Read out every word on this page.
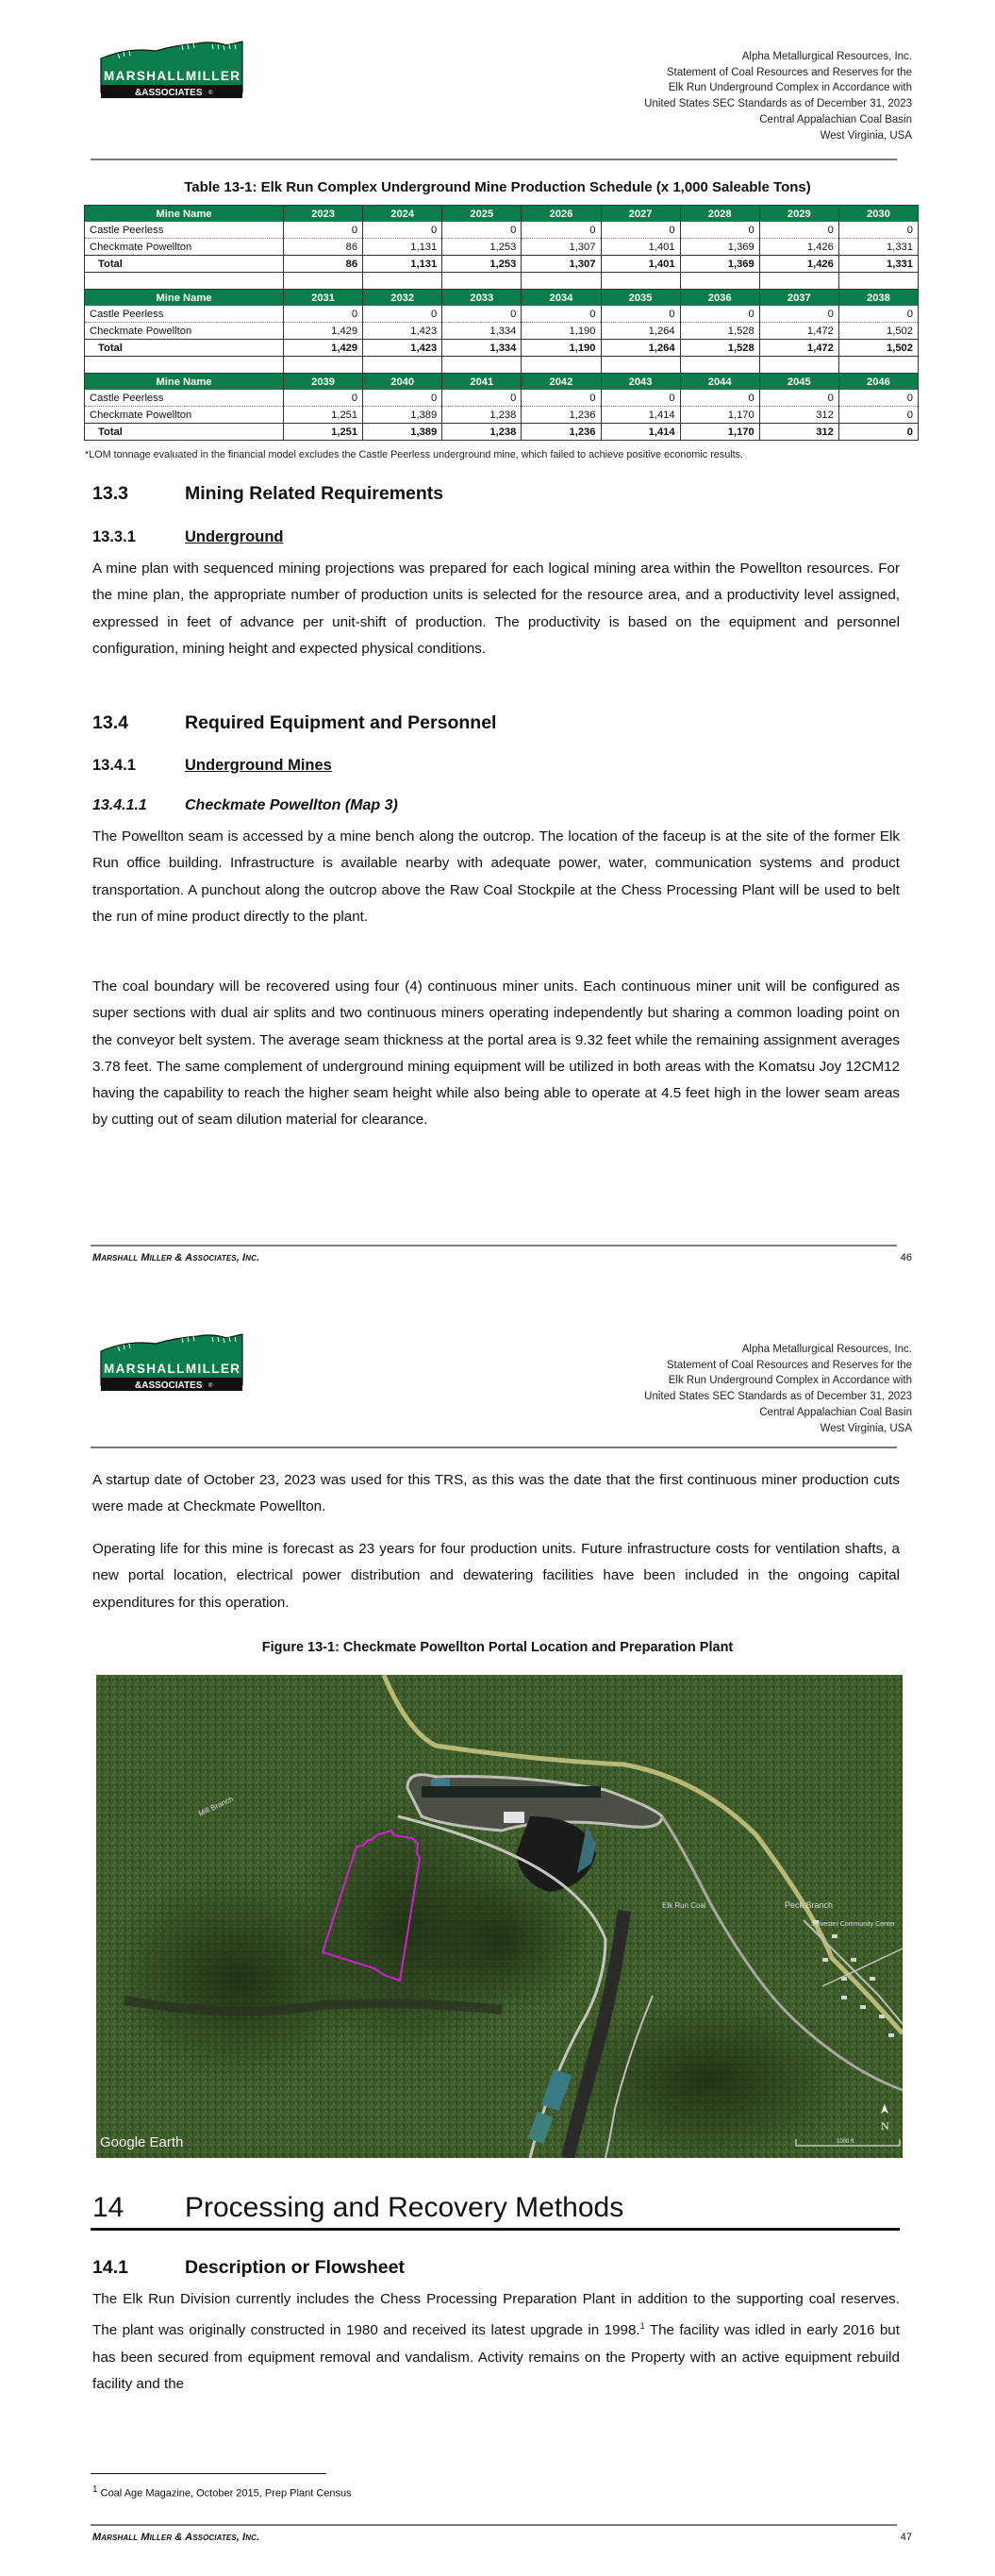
MARSHALLMILLER
&ASSOCIATES ®
Alpha Metallurgical Resources, Inc.
Statement of Coal Resources and Reserves for the
Elk Run Underground Complex in Accordance with
United States SEC Standards as of December 31, 2023
Central Appalachian Coal Basin
West Virginia, USA
Table 13-1: Elk Run Complex Underground Mine Production Schedule (x 1,000 Saleable Tons)
Mine Name	2023	2024	2025	2026	2027	2028	2029	2030
Castle Peerless	0	0	0	0	0	0	0	0
Checkmate Powellton	86	1,131	1,253	1,307	1,401	1,369	1,426	1,331
Total	86	1,131	1,253	1,307	1,401	1,369	1,426	1,331

Mine Name	2031	2032	2033	2034	2035	2036	2037	2038
Castle Peerless	0	0	0	0	0	0	0	0
Checkmate Powellton	1,429	1,423	1,334	1,190	1,264	1,528	1,472	1,502
Total	1,429	1,423	1,334	1,190	1,264	1,528	1,472	1,502

Mine Name	2039	2040	2041	2042	2043	2044	2045	2046
Castle Peerless	0	0	0	0	0	0	0	0
Checkmate Powellton	1,251	1,389	1,238	1,236	1,414	1,170	312	0
Total	1,251	1,389	1,238	1,236	1,414	1,170	312	0
*LOM tonnage evaluated in the financial model excludes the Castle Peerless underground mine, which failed to achieve positive economic results.
13.3	Mining Related Requirements
13.3.1	Underground
A mine plan with sequenced mining projections was prepared for each logical mining area within the Powellton resources. For the mine plan, the appropriate number of production units is selected for the resource area, and a productivity level assigned, expressed in feet of advance per unit-shift of production. The productivity is based on the equipment and personnel configuration, mining height and expected physical conditions.
13.4	Required Equipment and Personnel
13.4.1	Underground Mines
13.4.1.1	Checkmate Powellton (Map 3)
The Powellton seam is accessed by a mine bench along the outcrop. The location of the faceup is at the site of the former Elk Run office building. Infrastructure is available nearby with adequate power, water, communication systems and product transportation. A punchout along the outcrop above the Raw Coal Stockpile at the Chess Processing Plant will be used to belt the run of mine product directly to the plant.
The coal boundary will be recovered using four (4) continuous miner units. Each continuous miner unit will be configured as super sections with dual air splits and two continuous miners operating independently but sharing a common loading point on the conveyor belt system. The average seam thickness at the portal area is 9.32 feet while the remaining assignment averages 3.78 feet. The same complement of underground mining equipment will be utilized in both areas with the Komatsu Joy 12CM12 having the capability to reach the higher seam height while also being able to operate at 4.5 feet high in the lower seam areas by cutting out of seam dilution material for clearance.
Marshall Miller & Associates, Inc.	46
MARSHALLMILLER
&ASSOCIATES ®
Alpha Metallurgical Resources, Inc.
Statement of Coal Resources and Reserves for the
Elk Run Underground Complex in Accordance with
United States SEC Standards as of December 31, 2023
Central Appalachian Coal Basin
West Virginia, USA
A startup date of October 23, 2023 was used for this TRS, as this was the date that the first continuous miner production cuts were made at Checkmate Powellton.
Operating life for this mine is forecast as 23 years for four production units. Future infrastructure costs for ventilation shafts, a new portal location, electrical power distribution and dewatering facilities have been included in the ongoing capital expenditures for this operation.
Figure 13-1: Checkmate Powellton Portal Location and Preparation Plant
Mill Branch
Elk Run Coal	Peck Branch
Sylvester Community Center
Google Earth
N
1000 ft
14 Processing and Recovery Methods
14.1	Description or Flowsheet
The Elk Run Division currently includes the Chess Processing Preparation Plant in addition to the supporting coal reserves. The plant was originally constructed in 1980 and received its latest upgrade in 1998.$^1$ The facility was idled in early 2016 but has been secured from equipment removal and vandalism. Activity remains on the Property with an active equipment rebuild facility and the
$^1$ Coal Age Magazine, October 2015, Prep Plant Census
Marshall Miller & Associates, Inc.	47
